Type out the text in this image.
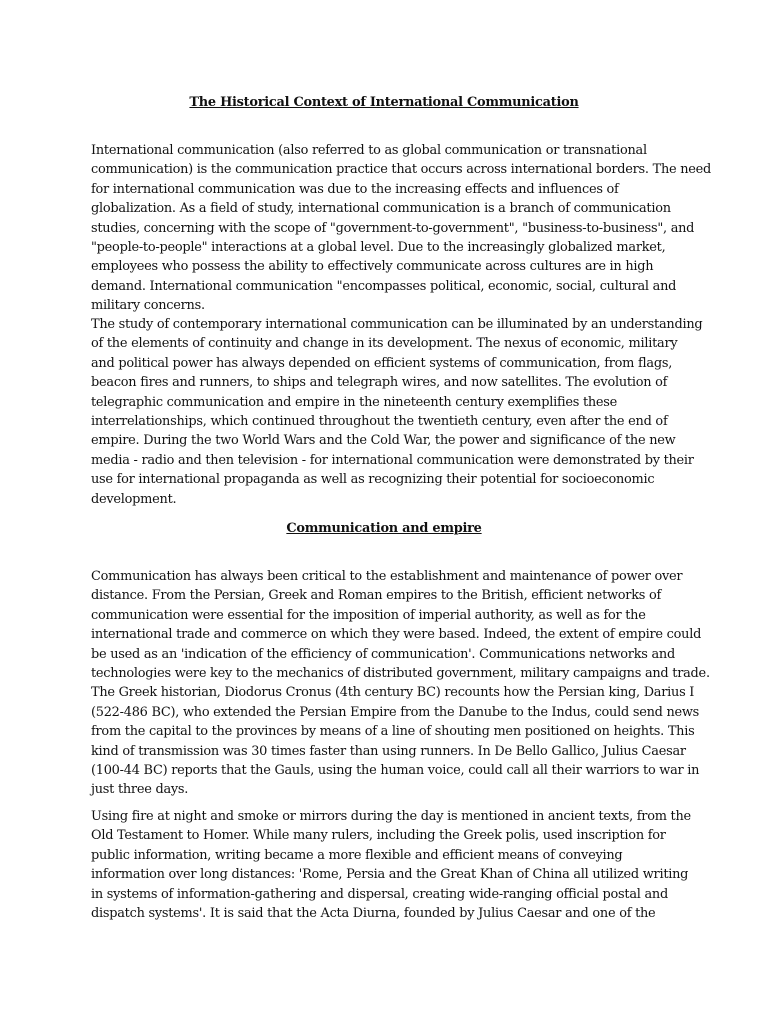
The Historical Context of International Communication
International communication (also referred to as global communication or transnational
communication) is the communication practice that occurs across international borders. The need
for international communication was due to the increasing effects and influences of
globalization. As a field of study, international communication is a branch of communication
studies, concerning with the scope of "government-to-government", "business-to-business", and
"people-to-people" interactions at a global level. Due to the increasingly globalized market,
employees who possess the ability to effectively communicate across cultures are in high
demand. International communication "encompasses political, economic, social, cultural and
military concerns.
The study of contemporary international communication can be illuminated by an understanding
of the elements of continuity and change in its development. The nexus of economic, military
and political power has always depended on efficient systems of communication, from flags,
beacon fires and runners, to ships and telegraph wires, and now satellites. The evolution of
telegraphic communication and empire in the nineteenth century exemplifies these
interrelationships, which continued throughout the twentieth century, even after the end of
empire. During the two World Wars and the Cold War, the power and significance of the new
media - radio and then television - for international communication were demonstrated by their
use for international propaganda as well as recognizing their potential for socioeconomic
development.
Communication and empire
Communication has always been critical to the establishment and maintenance of power over
distance. From the Persian, Greek and Roman empires to the British, efficient networks of
communication were essential for the imposition of imperial authority, as well as for the
international trade and commerce on which they were based. Indeed, the extent of empire could
be used as an 'indication of the efficiency of communication'. Communications networks and
technologies were key to the mechanics of distributed government, military campaigns and trade.
The Greek historian, Diodorus Cronus (4th century BC) recounts how the Persian king, Darius I
(522-486 BC), who extended the Persian Empire from the Danube to the Indus, could send news
from the capital to the provinces by means of a line of shouting men positioned on heights. This
kind of transmission was 30 times faster than using runners. In De Bello Gallico, Julius Caesar
(100-44 BC) reports that the Gauls, using the human voice, could call all their warriors to war in
just three days.
Using fire at night and smoke or mirrors during the day is mentioned in ancient texts, from the
Old Testament to Homer. While many rulers, including the Greek polis, used inscription for
public information, writing became a more flexible and efficient means of conveying
information over long distances: 'Rome, Persia and the Great Khan of China all utilized writing
in systems of information-gathering and dispersal, creating wide-ranging official postal and
dispatch systems'. It is said that the Acta Diurna, founded by Julius Caesar and one of the
